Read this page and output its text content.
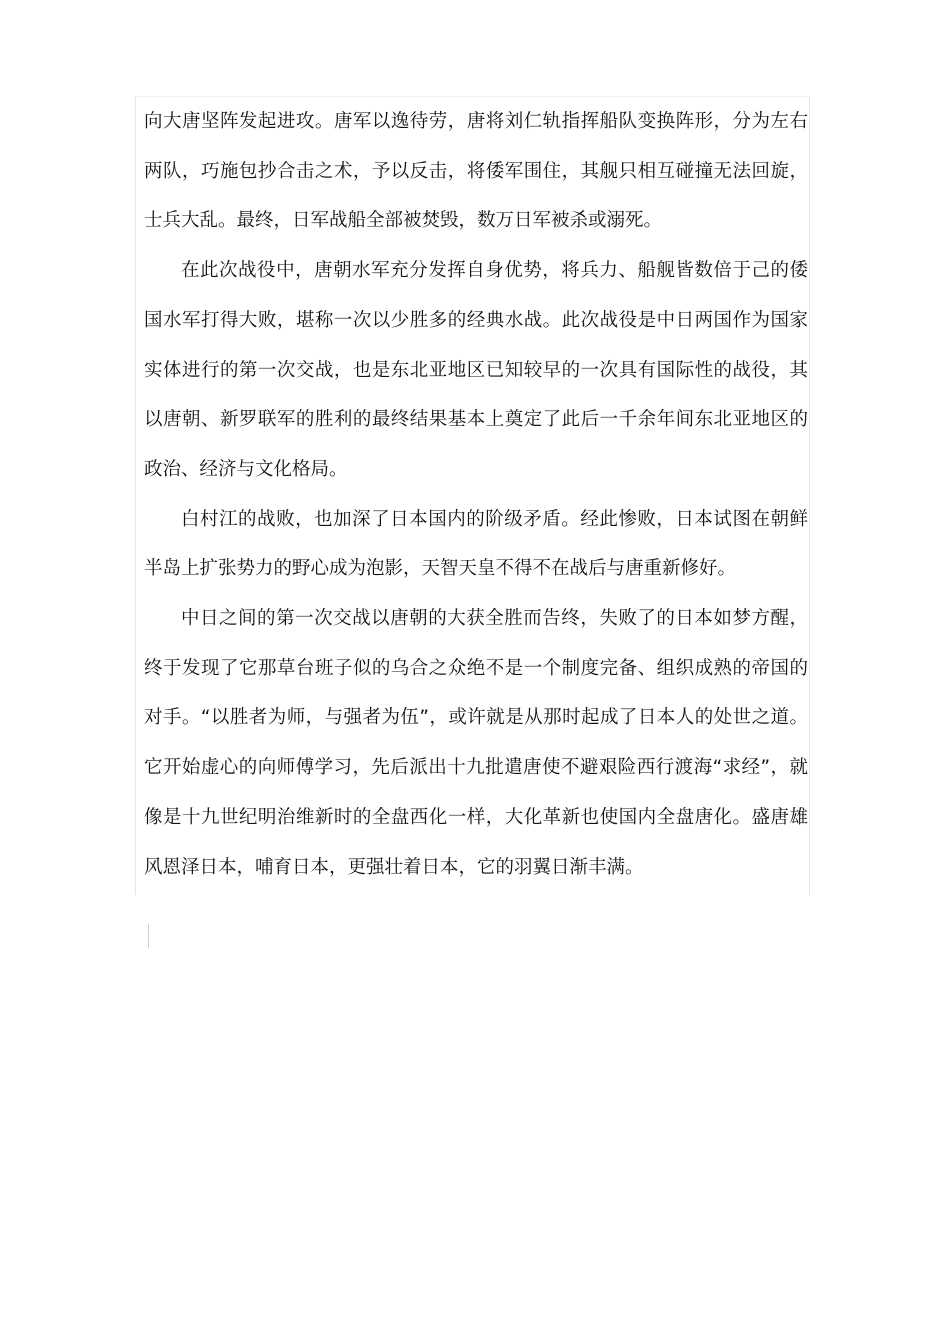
向大唐坚阵发起进攻。唐军以逸待劳，唐将刘仁轨指挥船队变换阵形，分为左右两队，巧施包抄合击之术，予以反击，将倭军围住，其舰只相互碰撞无法回旋，士兵大乱。最终，日军战船全部被焚毁，数万日军被杀或溺死。

在此次战役中，唐朝水军充分发挥自身优势，将兵力、船舰皆数倍于己的倭国水军打得大败，堪称一次以少胜多的经典水战。此次战役是中日两国作为国家实体进行的第一次交战，也是东北亚地区已知较早的一次具有国际性的战役，其以唐朝、新罗联军的胜利的最终结果基本上奠定了此后一千余年间东北亚地区的政治、经济与文化格局。

白村江的战败，也加深了日本国内的阶级矛盾。经此惨败，日本试图在朝鲜半岛上扩张势力的野心成为泡影，天智天皇不得不在战后与唐重新修好。

中日之间的第一次交战以唐朝的大获全胜而告终，失败了的日本如梦方醒，终于发现了它那草台班子似的乌合之众绝不是一个制度完备、组织成熟的帝国的对手。“以胜者为师，与强者为伍”，或许就是从那时起成了日本人的处世之道。它开始虚心的向师傅学习，先后派出十九批遣唐使不避艰险西行渡海“求经”，就像是十九世纪明治维新时的全盘西化一样，大化革新也使国内全盘唐化。盛唐雄风恩泽日本，哺育日本，更强壮着日本，它的羽翼日渐丰满。
